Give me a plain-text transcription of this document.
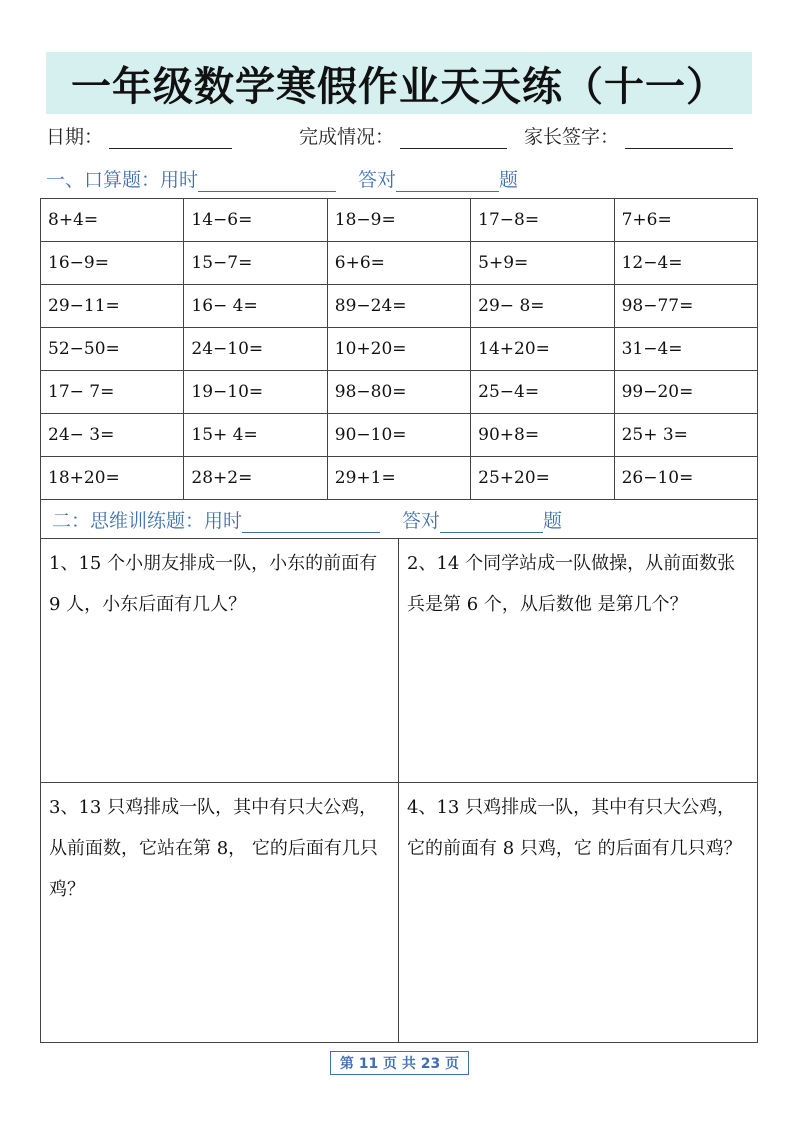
一年级数学寒假作业天天练（十一）
日期：	完成情况：	家长签字：
一、口算题：用时	答对	题
8+4=	14−6=	18−9=	17−8=	7+6=
16−9=	15−7=	6+6=	5+9=	12−4=
29−11=	16− 4=	89−24=	29− 8=	98−77=
52−50=	24−10=	10+20=	14+20=	31−4=
17− 7=	19−10=	98−80=	25−4=	99−20=
24− 3=	15+ 4=	90−10=	90+8=	25+ 3=
18+20=	28+2=	29+1=	25+20=	26−10=
二：思维训练题：用时	答对	题
1、15 个小朋友排成一队，小东的前面有 9 人，小东后面有几人？
2、14 个同学站成一队做操，从前面数张兵是第 6 个，从后数他 是第几个？
3、13 只鸡排成一队，其中有只大公鸡，从前面数，它站在第 8， 它的后面有几只鸡？
4、13 只鸡排成一队，其中有只大公鸡，它的前面有 8 只鸡，它 的后面有几只鸡？
第 11 页 共 23 页
